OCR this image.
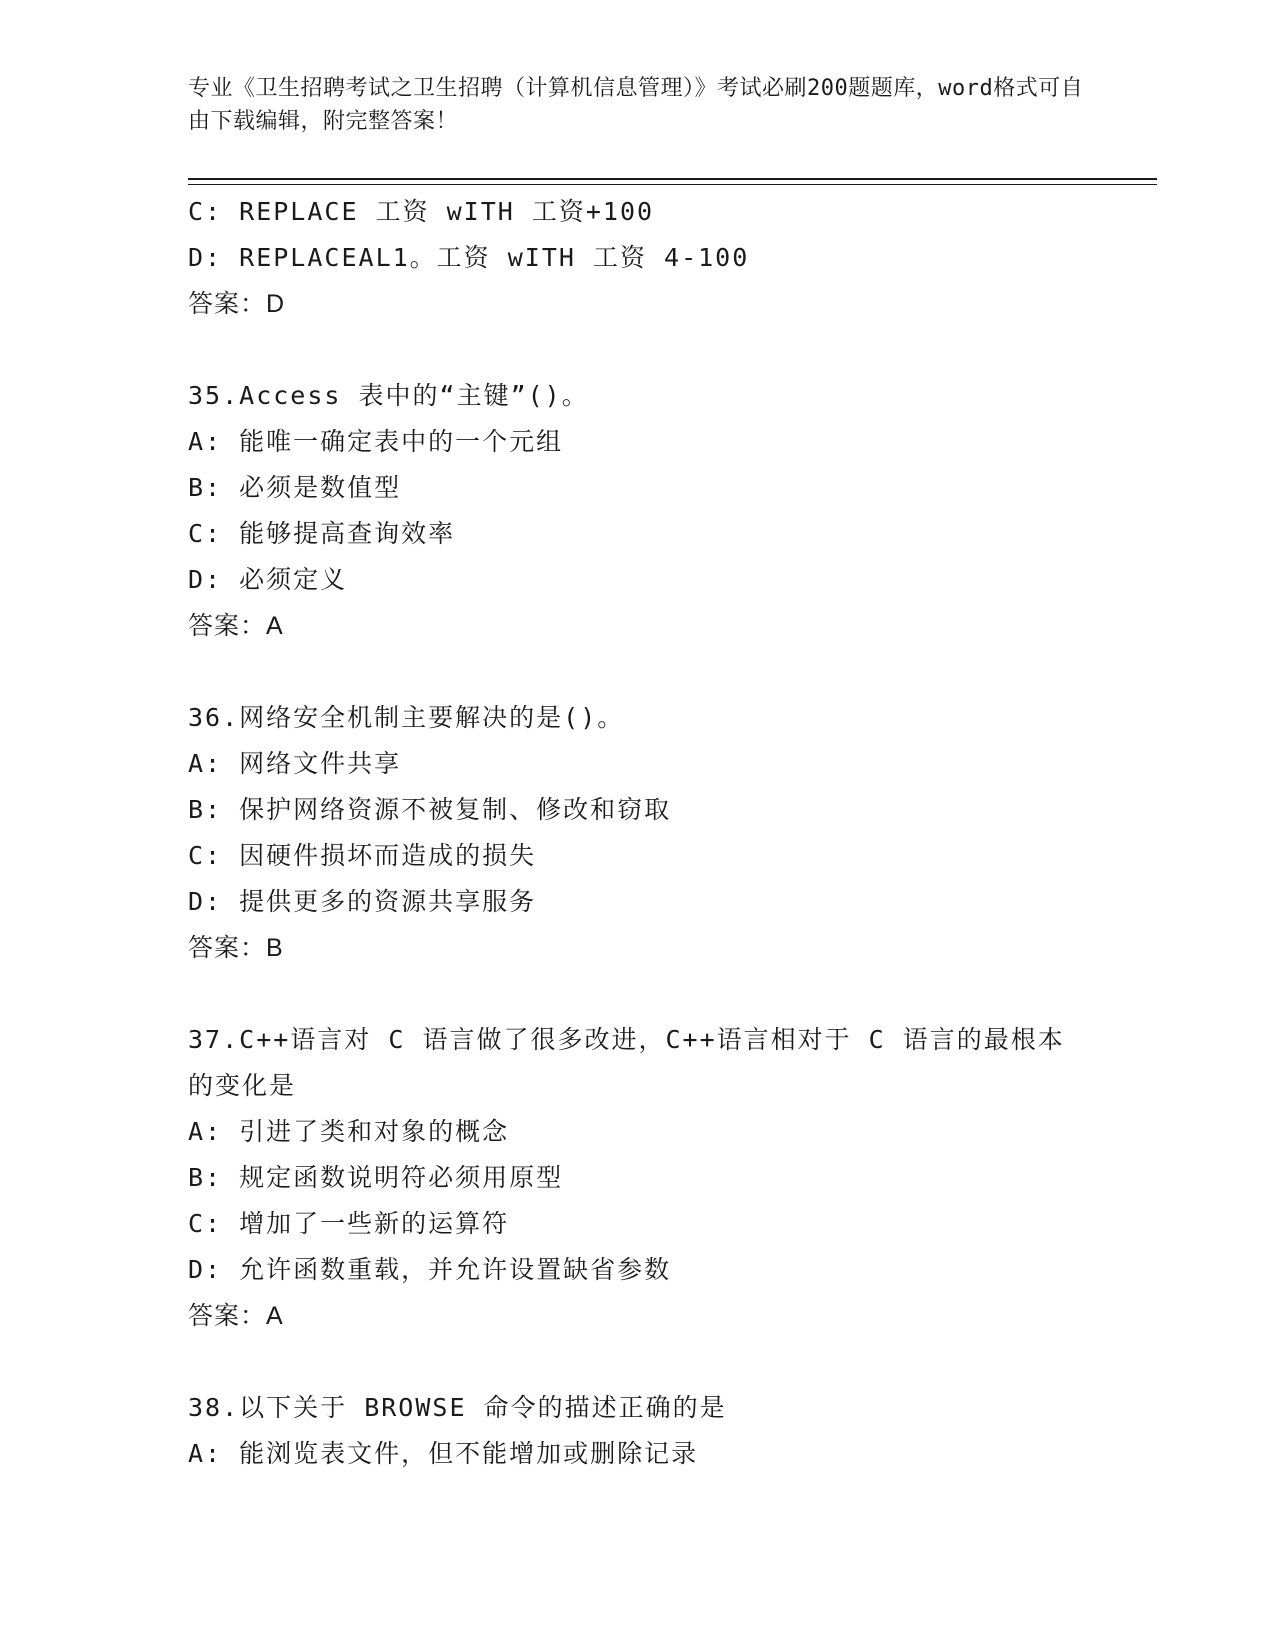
专业《卫生招聘考试之卫生招聘（计算机信息管理）》考试必刷200题题库，word格式可自由下载编辑，附完整答案！
C: REPLACE 工资 wITH 工资+100
D: REPLACEAL1。工资 wITH 工资 4-100
答案：D
35.Access 表中的“主键”()。
A: 能唯一确定表中的一个元组
B: 必须是数值型
C: 能够提高查询效率
D: 必须定义
答案：A
36.网络安全机制主要解决的是()。
A: 网络文件共享
B: 保护网络资源不被复制、修改和窃取
C: 因硬件损坏而造成的损失
D: 提供更多的资源共享服务
答案：B
37.C++语言对 C 语言做了很多改进，C++语言相对于 C 语言的最根本的变化是
A: 引进了类和对象的概念
B: 规定函数说明符必须用原型
C: 增加了一些新的运算符
D: 允许函数重载，并允许设置缺省参数
答案：A
38.以下关于 BROWSE 命令的描述正确的是
A: 能浏览表文件，但不能增加或删除记录
